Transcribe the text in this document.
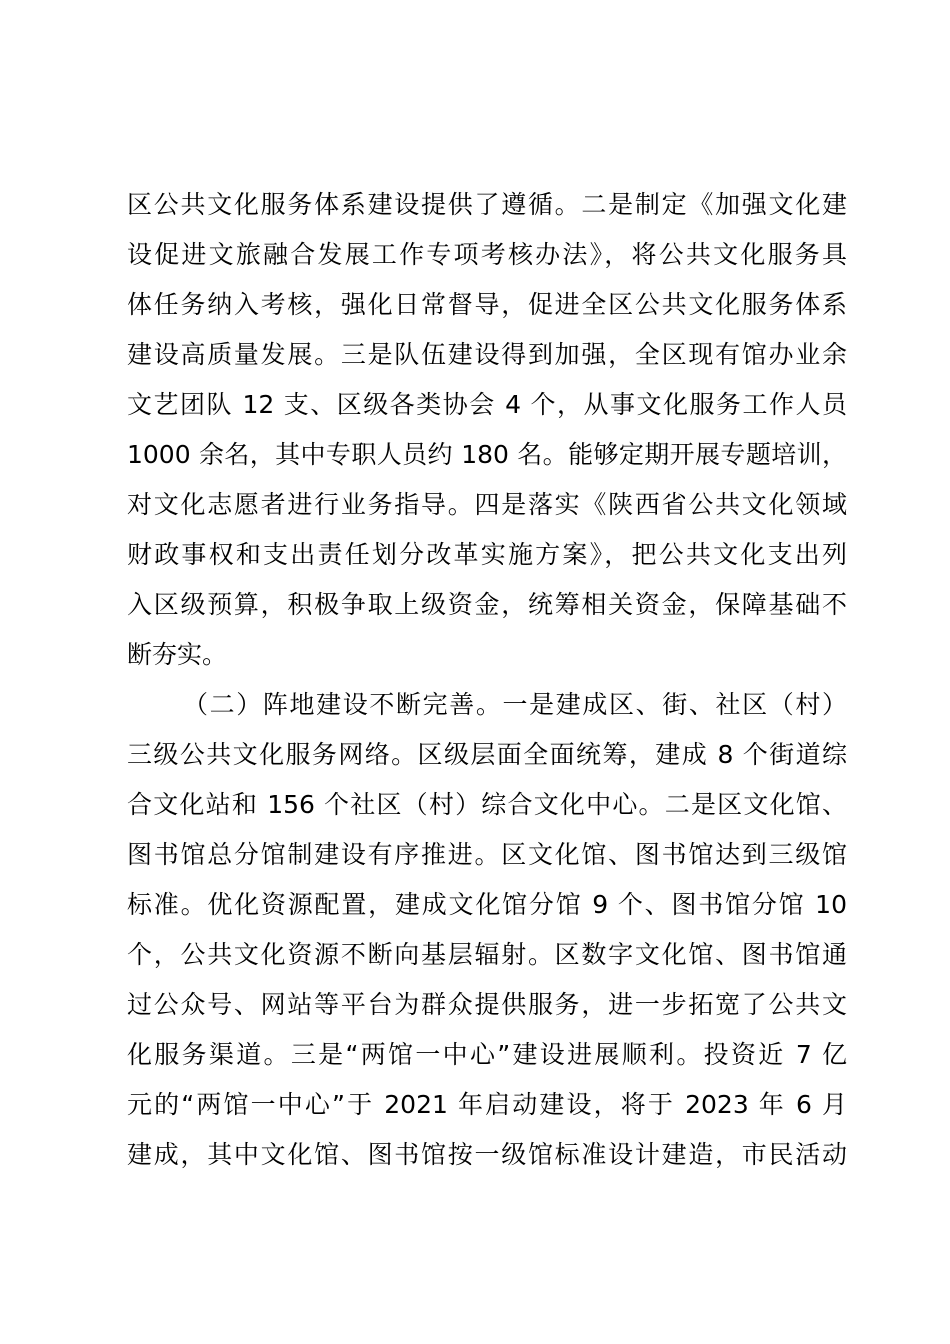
区公共文化服务体系建设提供了遵循。二是制定《加强文化建
设促进文旅融合发展工作专项考核办法》，将公共文化服务具
体任务纳入考核，强化日常督导，促进全区公共文化服务体系
建设高质量发展。三是队伍建设得到加强，全区现有馆办业余
文艺团队 12 支、区级各类协会 4 个，从事文化服务工作人员
1000 余名，其中专职人员约 180 名。能够定期开展专题培训，
对文化志愿者进行业务指导。四是落实《陕西省公共文化领域
财政事权和支出责任划分改革实施方案》，把公共文化支出列
入区级预算，积极争取上级资金，统筹相关资金，保障基础不
断夯实。
（二）阵地建设不断完善。一是建成区、街、社区（村）
三级公共文化服务网络。区级层面全面统筹，建成 8 个街道综
合文化站和 156 个社区（村）综合文化中心。二是区文化馆、
图书馆总分馆制建设有序推进。区文化馆、图书馆达到三级馆
标准。优化资源配置，建成文化馆分馆 9 个、图书馆分馆 10
个，公共文化资源不断向基层辐射。区数字文化馆、图书馆通
过公众号、网站等平台为群众提供服务，进一步拓宽了公共文
化服务渠道。三是“两馆一中心”建设进展顺利。投资近 7 亿
元的“两馆一中心”于 2021 年启动建设，将于 2023 年 6 月
建成，其中文化馆、图书馆按一级馆标准设计建造，市民活动
